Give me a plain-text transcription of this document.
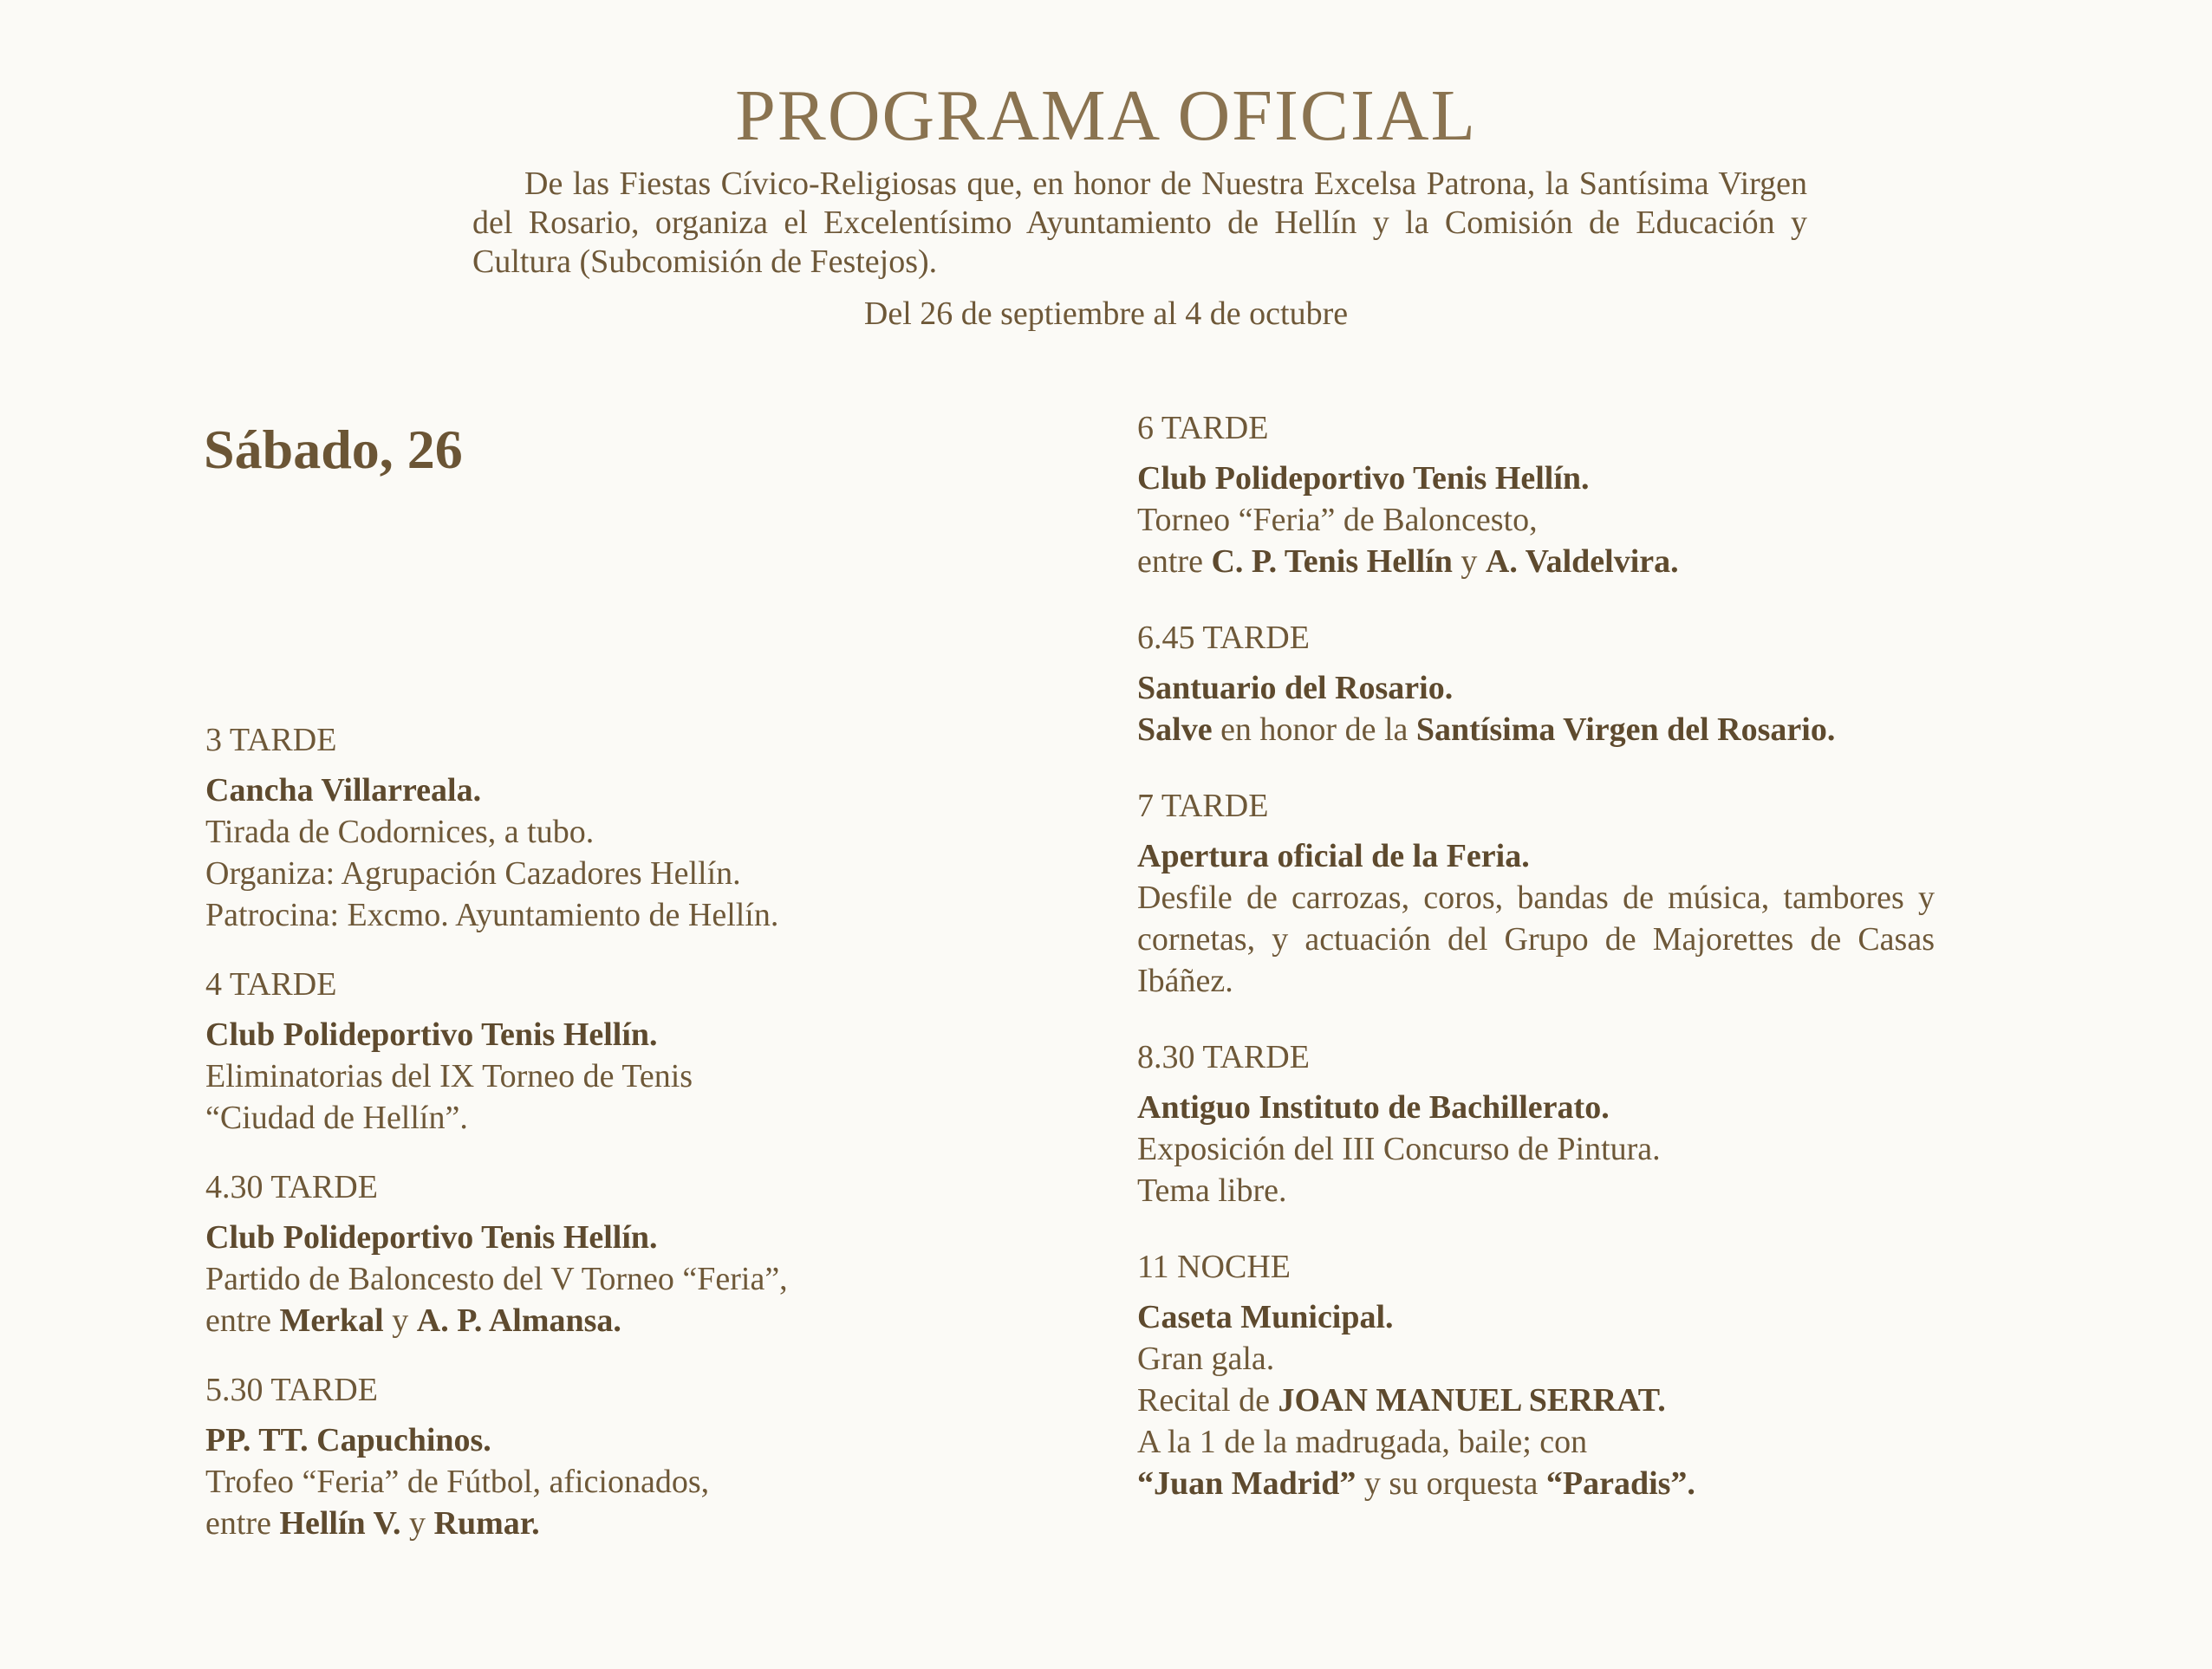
PROGRAMA OFICIAL

De las Fiestas Cívico-Religiosas que, en honor de Nuestra Excelsa Patrona, la Santísima Virgen del Rosario, organiza el Excelentísimo Ayuntamiento de Hellín y la Comisión de Educación y Cultura (Subcomisión de Festejos).

Del 26 de septiembre al 4 de octubre
Sábado, 26
3 TARDE
Cancha Villarreala.
Tirada de Codornices, a tubo.
Organiza: Agrupación Cazadores Hellín.
Patrocina: Excmo. Ayuntamiento de Hellín.
4 TARDE
Club Polideportivo Tenis Hellín.
Eliminatorias del IX Torneo de Tenis
“Ciudad de Hellín”.
4.30 TARDE
Club Polideportivo Tenis Hellín.
Partido de Baloncesto del V Torneo “Feria”,
entre Merkal y A. P. Almansa.
5.30 TARDE
PP. TT. Capuchinos.
Trofeo “Feria” de Fútbol, aficionados,
entre Hellín V. y Rumar.
6 TARDE
Club Polideportivo Tenis Hellín.
Torneo “Feria” de Baloncesto,
entre C. P. Tenis Hellín y A. Valdelvira.
6.45 TARDE
Santuario del Rosario.
Salve en honor de la Santísima Virgen del Rosario.
7 TARDE
Apertura oficial de la Feria.
Desfile de carrozas, coros, bandas de música, tambores y cornetas, y actuación del Grupo de Majorettes de Casas Ibáñez.
8.30 TARDE
Antiguo Instituto de Bachillerato.
Exposición del III Concurso de Pintura.
Tema libre.
11 NOCHE
Caseta Municipal.
Gran gala.
Recital de JOAN MANUEL SERRAT.
A la 1 de la madrugada, baile; con
“Juan Madrid” y su orquesta “Paradis”.
